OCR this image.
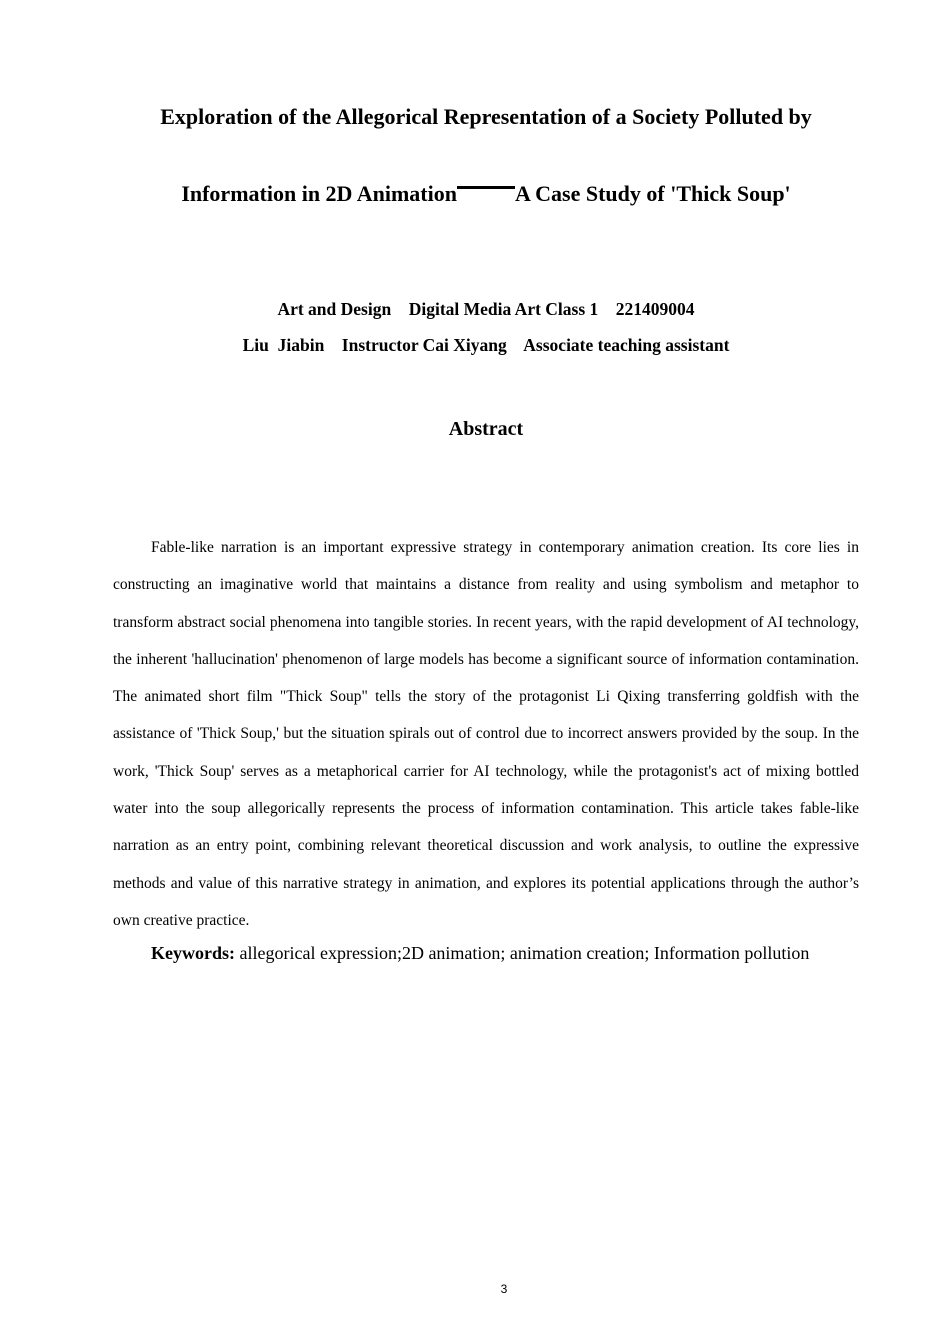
Exploration of the Allegorical Representation of a Society Polluted by
Information in 2D Animation	A Case Study of 'Thick Soup'
Art and Design    Digital Media Art Class 1    221409004
Liu  Jiabin    Instructor Cai Xiyang    Associate teaching assistant
Abstract

Fable-like narration is an important expressive strategy in contemporary animation creation. Its core lies in constructing an imaginative world that maintains a distance from reality and using symbolism and metaphor to transform abstract social phenomena into tangible stories. In recent years, with the rapid development of AI technology, the inherent 'hallucination' phenomenon of large models has become a significant source of information contamination. The animated short film "Thick Soup" tells the story of the protagonist Li Qixing transferring goldfish with the assistance of 'Thick Soup,' but the situation spirals out of control due to incorrect answers provided by the soup. In the work, 'Thick Soup' serves as a metaphorical carrier for AI technology, while the protagonist's act of mixing bottled water into the soup allegorically represents the process of information contamination. This article takes fable-like narration as an entry point, combining relevant theoretical discussion and work analysis, to outline the expressive methods and value of this narrative strategy in animation, and explores its potential applications through the author’s own creative practice.

Keywords: allegorical expression;2D animation; animation creation; Information pollution

3
